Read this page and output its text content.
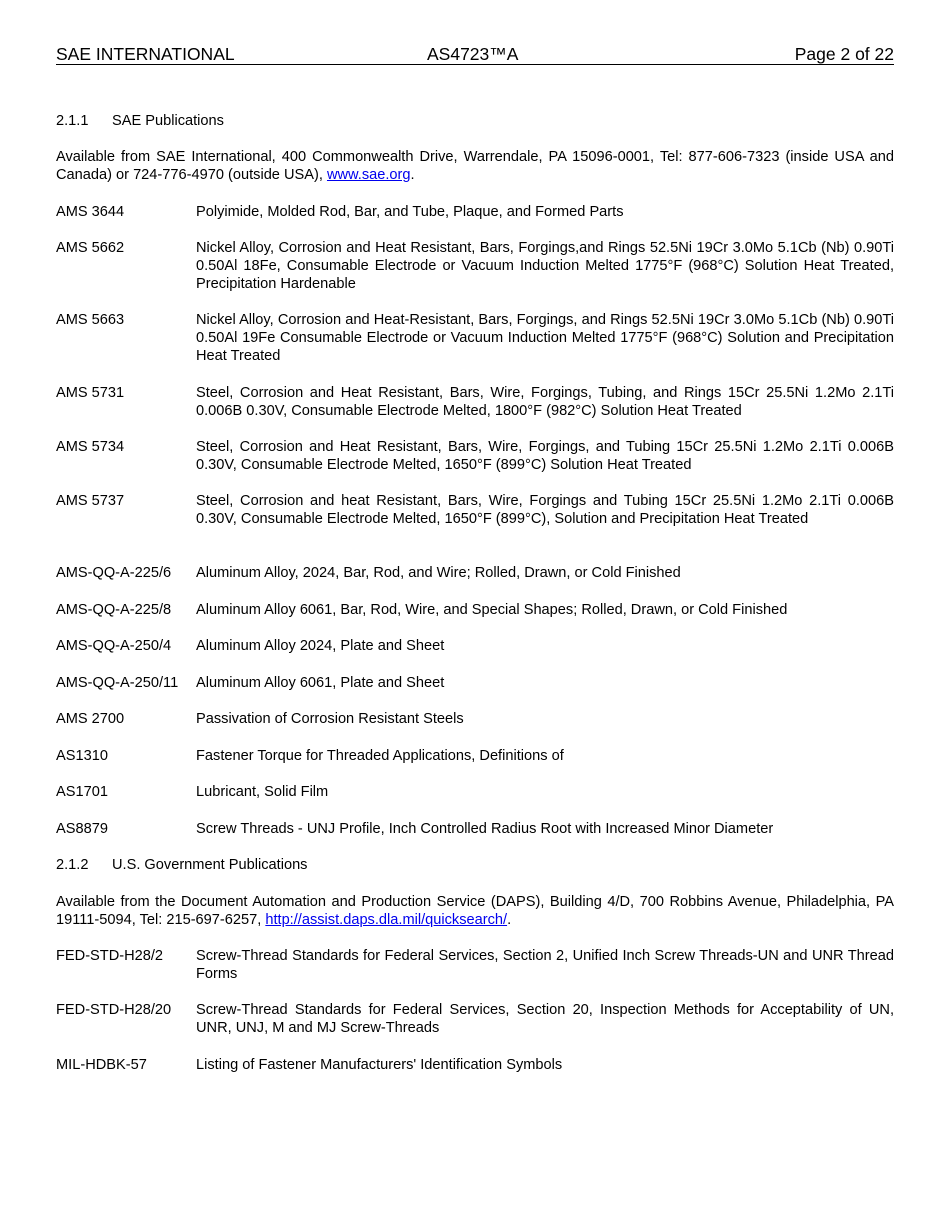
SAE INTERNATIONAL	AS4723™A	Page 2 of 22
2.1.1 SAE Publications
Available from SAE International, 400 Commonwealth Drive, Warrendale, PA 15096-0001, Tel: 877-606-7323 (inside USA and Canada) or 724-776-4970 (outside USA), www.sae.org.
AMS 3644	Polyimide, Molded Rod, Bar, and Tube, Plaque, and Formed Parts
AMS 5662	Nickel Alloy, Corrosion and Heat Resistant, Bars, Forgings,and Rings 52.5Ni 19Cr 3.0Mo 5.1Cb (Nb) 0.90Ti 0.50Al 18Fe, Consumable Electrode or Vacuum Induction Melted 1775°F (968°C) Solution Heat Treated, Precipitation Hardenable
AMS 5663	Nickel Alloy, Corrosion and Heat-Resistant, Bars, Forgings, and Rings 52.5Ni 19Cr 3.0Mo 5.1Cb (Nb) 0.90Ti 0.50Al 19Fe Consumable Electrode or Vacuum Induction Melted 1775°F (968°C) Solution and Precipitation Heat Treated
AMS 5731	Steel, Corrosion and Heat Resistant, Bars, Wire, Forgings, Tubing, and Rings 15Cr 25.5Ni 1.2Mo 2.1Ti 0.006B 0.30V, Consumable Electrode Melted, 1800°F (982°C) Solution Heat Treated
AMS 5734	Steel, Corrosion and Heat Resistant, Bars, Wire, Forgings, and Tubing 15Cr 25.5Ni 1.2Mo 2.1Ti 0.006B 0.30V, Consumable Electrode Melted, 1650°F (899°C) Solution Heat Treated
AMS 5737	Steel, Corrosion and heat Resistant, Bars, Wire, Forgings and Tubing 15Cr 25.5Ni 1.2Mo 2.1Ti 0.006B 0.30V, Consumable Electrode Melted, 1650°F (899°C), Solution and Precipitation Heat Treated
AMS-QQ-A-225/6	Aluminum Alloy, 2024, Bar, Rod, and Wire; Rolled, Drawn, or Cold Finished
AMS-QQ-A-225/8	Aluminum Alloy 6061, Bar, Rod, Wire, and Special Shapes; Rolled, Drawn, or Cold Finished
AMS-QQ-A-250/4	Aluminum Alloy 2024, Plate and Sheet
AMS-QQ-A-250/11	Aluminum Alloy 6061, Plate and Sheet
AMS 2700	Passivation of Corrosion Resistant Steels
AS1310	Fastener Torque for Threaded Applications, Definitions of
AS1701	Lubricant, Solid Film
AS8879	Screw Threads - UNJ Profile, Inch Controlled Radius Root with Increased Minor Diameter
2.1.2 U.S. Government Publications
Available from the Document Automation and Production Service (DAPS), Building 4/D, 700 Robbins Avenue, Philadelphia, PA 19111-5094, Tel: 215-697-6257, http://assist.daps.dla.mil/quicksearch/.
FED-STD-H28/2	Screw-Thread Standards for Federal Services, Section 2, Unified Inch Screw Threads-UN and UNR Thread Forms
FED-STD-H28/20	Screw-Thread Standards for Federal Services, Section 20, Inspection Methods for Acceptability of UN, UNR, UNJ, M and MJ Screw-Threads
MIL-HDBK-57	Listing of Fastener Manufacturers' Identification Symbols
